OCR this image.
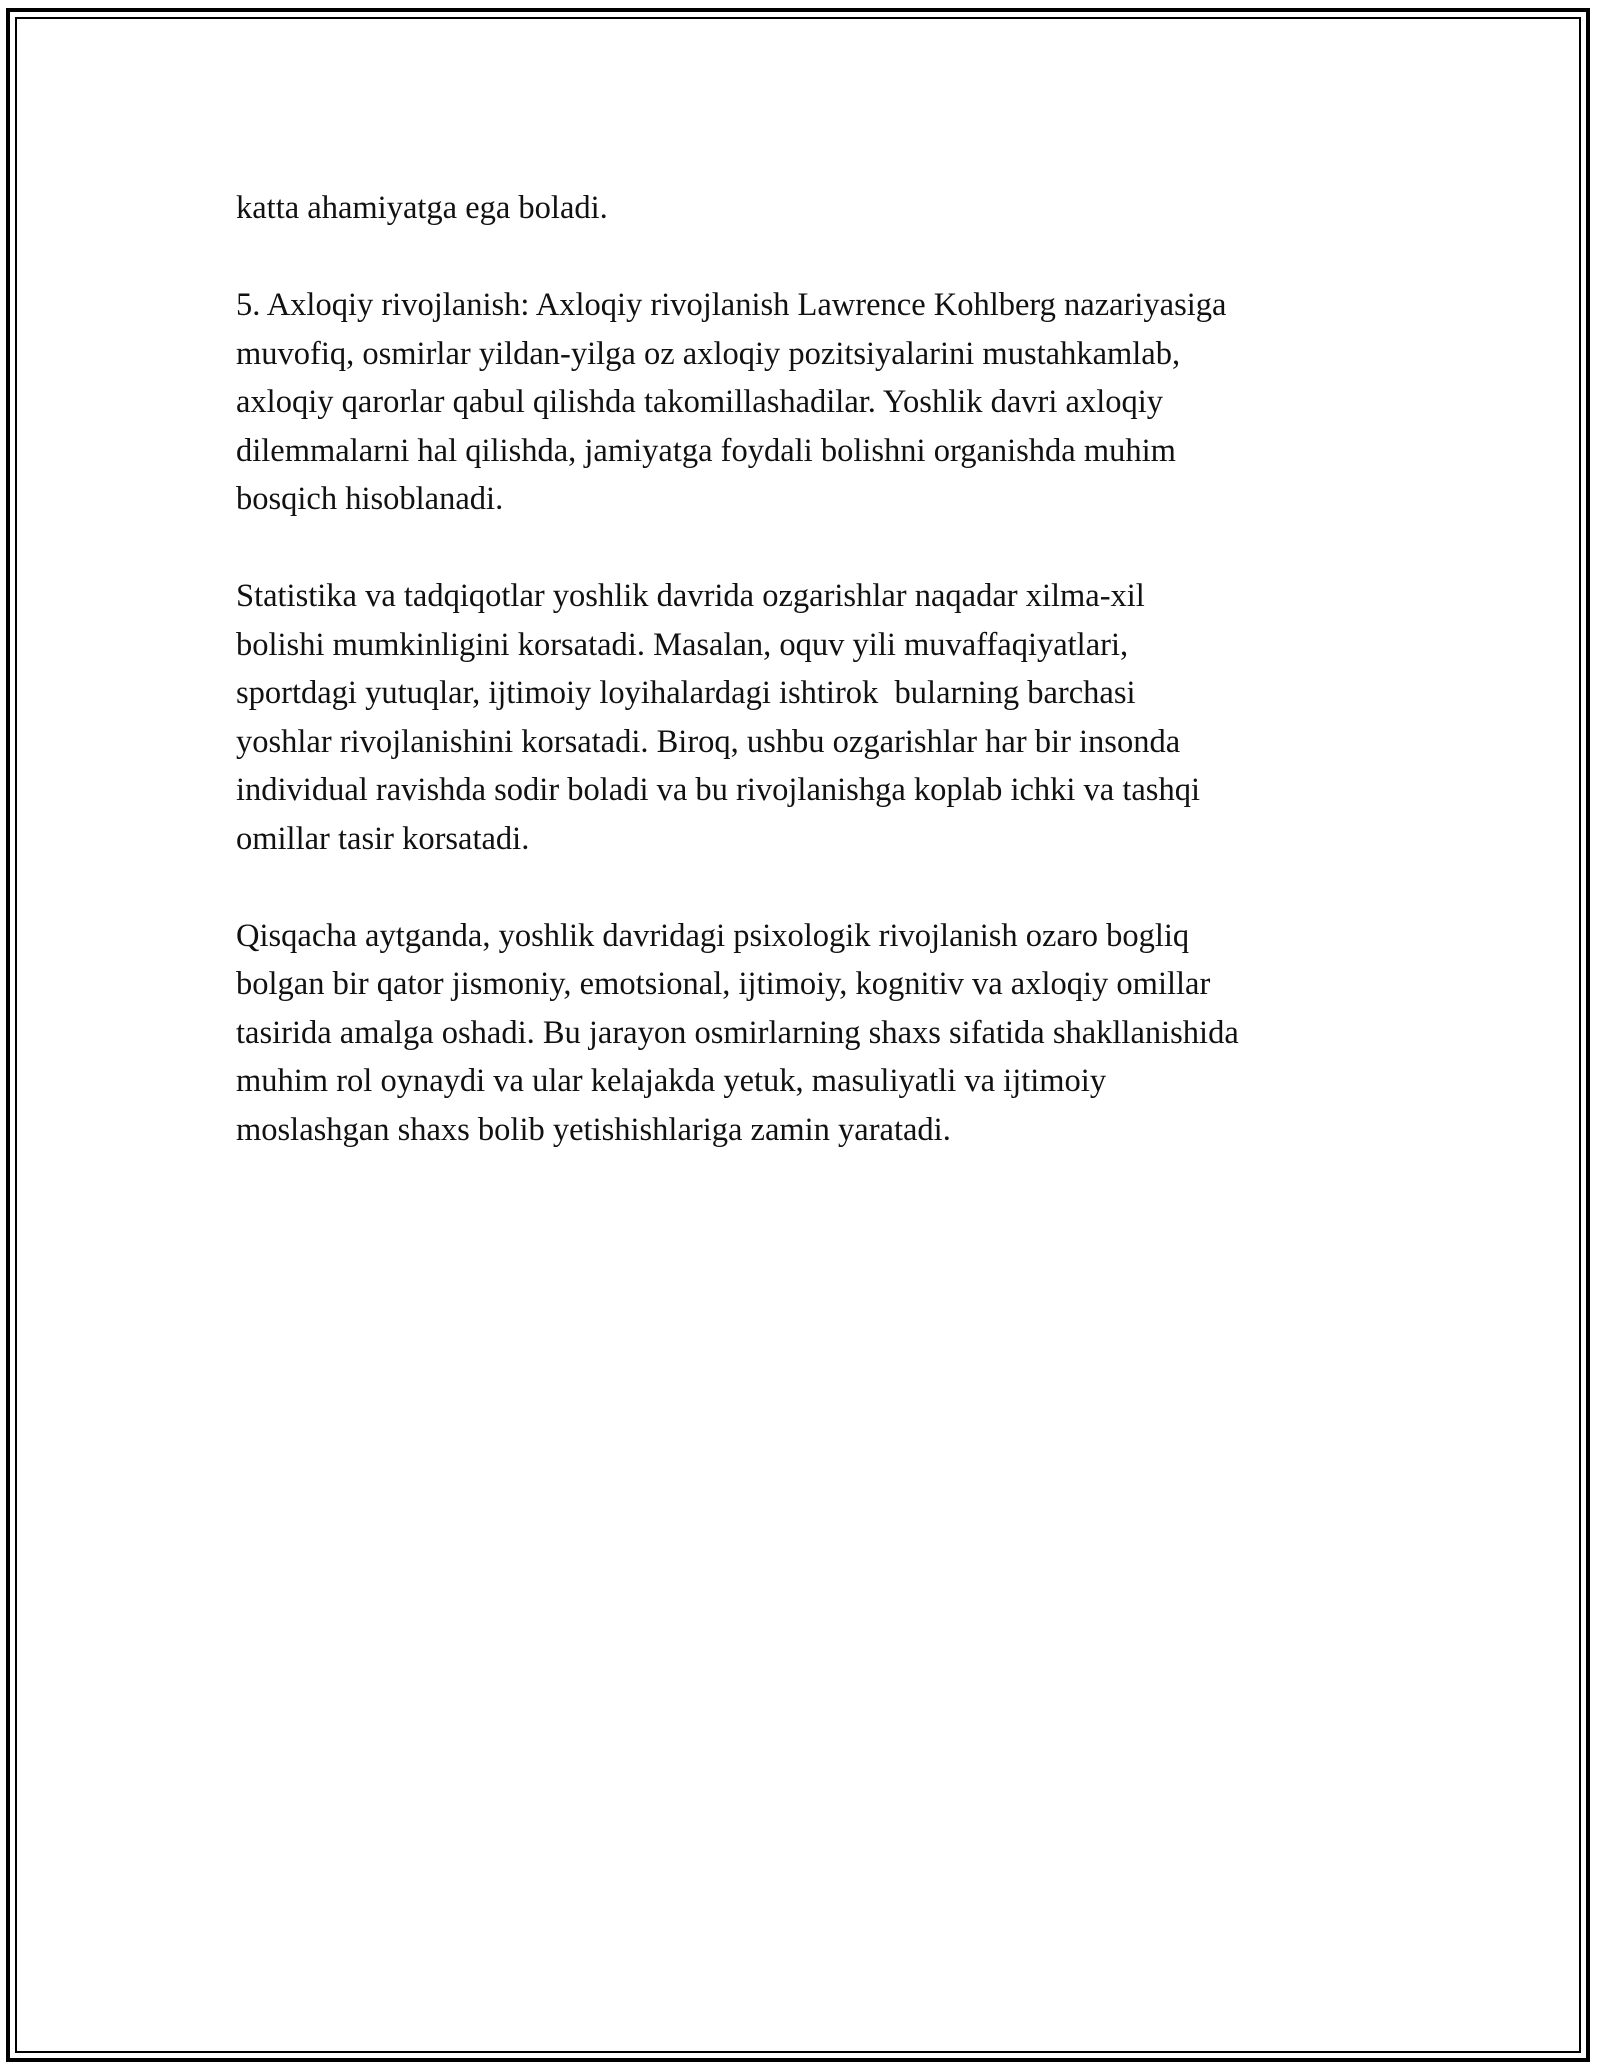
katta ahamiyatga ega boladi.

5. Axloqiy rivojlanish: Axloqiy rivojlanish Lawrence Kohlberg nazariyasiga
muvofiq, osmirlar yildan-yilga oz axloqiy pozitsiyalarini mustahkamlab,
axloqiy qarorlar qabul qilishda takomillashadilar. Yoshlik davri axloqiy
dilemmalarni hal qilishda, jamiyatga foydali bolishni organishda muhim
bosqich hisoblanadi.

Statistika va tadqiqotlar yoshlik davrida ozgarishlar naqadar xilma-xil
bolishi mumkinligini korsatadi. Masalan, oquv yili muvaffaqiyatlari,
sportdagi yutuqlar, ijtimoiy loyihalardagi ishtirok  bularning barchasi
yoshlar rivojlanishini korsatadi. Biroq, ushbu ozgarishlar har bir insonda
individual ravishda sodir boladi va bu rivojlanishga koplab ichki va tashqi
omillar tasir korsatadi.

Qisqacha aytganda, yoshlik davridagi psixologik rivojlanish ozaro bogliq
bolgan bir qator jismoniy, emotsional, ijtimoiy, kognitiv va axloqiy omillar
tasirida amalga oshadi. Bu jarayon osmirlarning shaxs sifatida shakllanishida
muhim rol oynaydi va ular kelajakda yetuk, masuliyatli va ijtimoiy
moslashgan shaxs bolib yetishishlariga zamin yaratadi.
